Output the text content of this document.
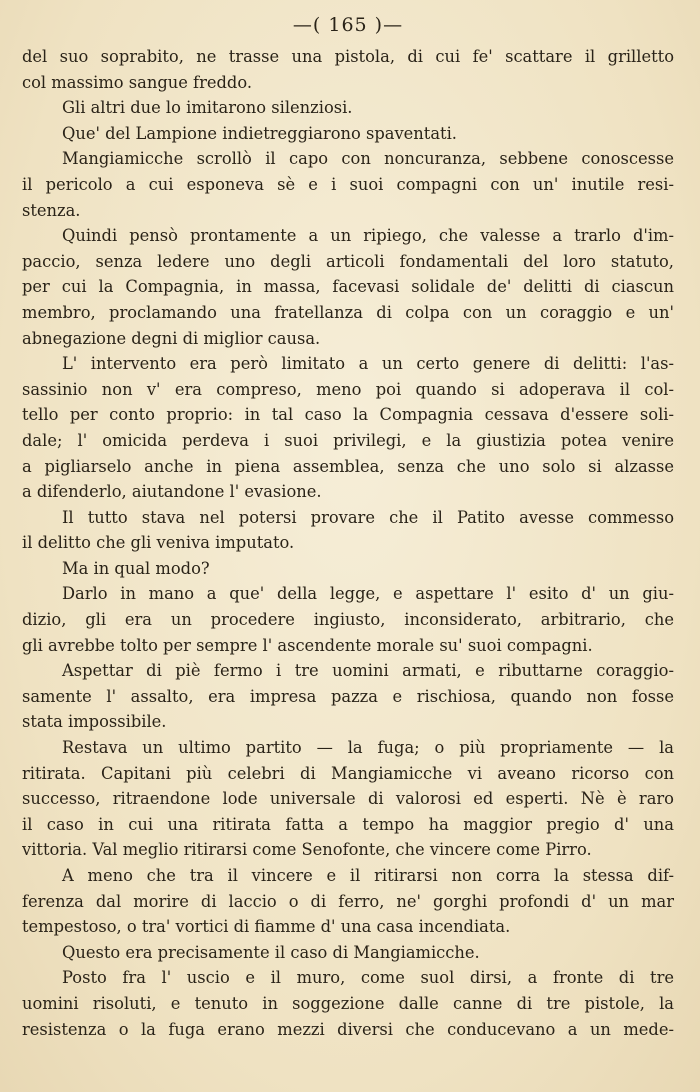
—( 165 )—
del suo soprabito, ne trasse una pistola, di cui fe' scattare il grilletto
col massimo sangue freddo.
Gli altri due lo imitarono silenziosi.
Que' del Lampione indietreggiarono spaventati.
Mangiamicche scrollò il capo con noncuranza, sebbene conoscesse
il pericolo a cui esponeva sè e i suoi compagni con un' inutile resi-
stenza.
Quindi pensò prontamente a un ripiego, che valesse a trarlo d'im-
paccio, senza ledere uno degli articoli fondamentali del loro statuto,
per cui la Compagnia, in massa, facevasi solidale de' delitti di ciascun
membro, proclamando una fratellanza di colpa con un coraggio e un'
abnegazione degni di miglior causa.
L' intervento era però limitato a un certo genere di delitti: l'as-
sassinio non v' era compreso, meno poi quando si adoperava il col-
tello per conto proprio: in tal caso la Compagnia cessava d'essere soli-
dale; l' omicida perdeva i suoi privilegi, e la giustizia potea venire
a pigliarselo anche in piena assemblea, senza che uno solo si alzasse
a difenderlo, aiutandone l' evasione.
Il tutto stava nel potersi provare che il Patito avesse commesso
il delitto che gli veniva imputato.
Ma in qual modo?
Darlo in mano a que' della legge, e aspettare l' esito d' un giu-
dizio, gli era un procedere ingiusto, inconsiderato, arbitrario, che
gli avrebbe tolto per sempre l' ascendente morale su' suoi compagni.
Aspettar di piè fermo i tre uomini armati, e ributtarne coraggio-
samente l' assalto, era impresa pazza e rischiosa, quando non fosse
stata impossibile.
Restava un ultimo partito — la fuga; o più propriamente — la
ritirata. Capitani più celebri di Mangiamicche vi aveano ricorso con
successo, ritraendone lode universale di valorosi ed esperti. Nè è raro
il caso in cui una ritirata fatta a tempo ha maggior pregio d' una
vittoria. Val meglio ritirarsi come Senofonte, che vincere come Pirro.
A meno che tra il vincere e il ritirarsi non corra la stessa dif-
ferenza dal morire di laccio o di ferro, ne' gorghi profondi d' un mar
tempestoso, o tra' vortici di fiamme d' una casa incendiata.
Questo era precisamente il caso di Mangiamicche.
Posto fra l' uscio e il muro, come suol dirsi, a fronte di tre
uomini risoluti, e tenuto in soggezione dalle canne di tre pistole, la
resistenza o la fuga erano mezzi diversi che conducevano a un mede-
